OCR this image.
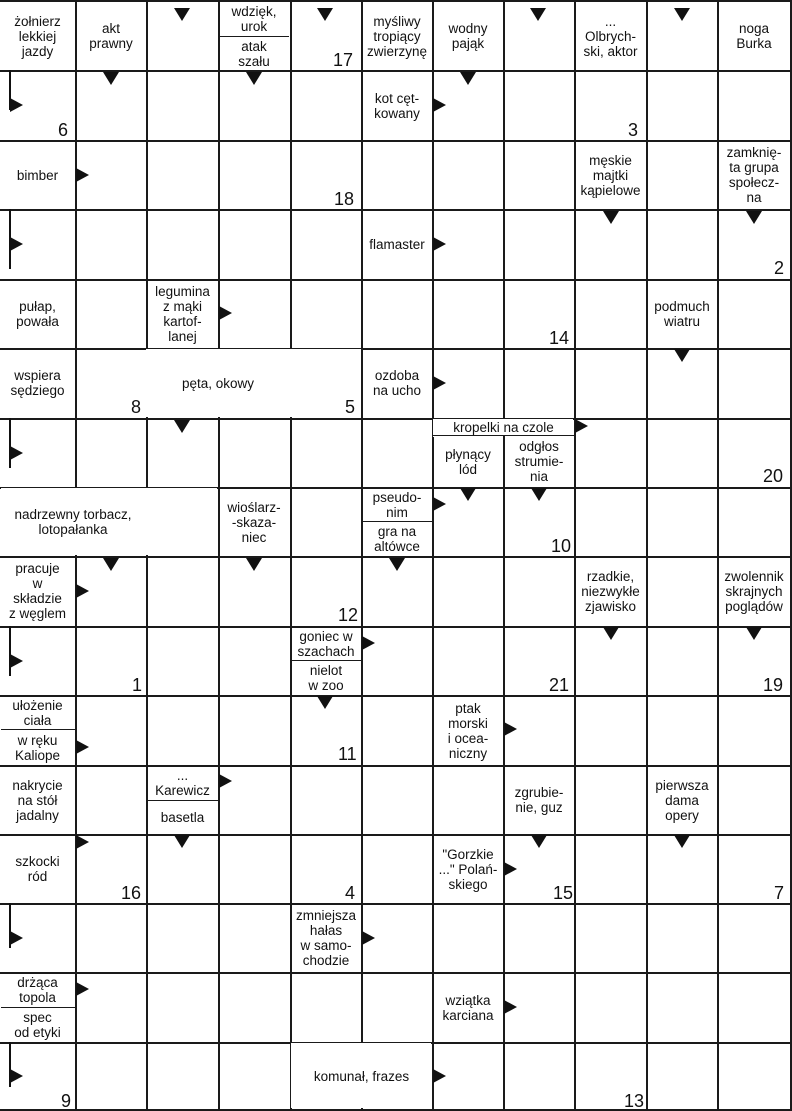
żołnierz
lekkiej
jazdy
akt
prawny
wdzięk,
urok
atak
szału
myśliwy
tropiący
zwierzynę
wodny
pająk
...
Olbrych-
ski, aktor
noga
Burka
kot cęt-
kowany
bimber
męskie
majtki
kąpielowe
zamknię-
ta grupa
społecz-
na
flamaster
pułap,
powała
legumina
z mąki
kartof-
lanej
podmuch
wiatru
wspiera
sędziego	pęta, okowy	ozdoba
na ucho
kropelki na czole
płynący
lód
odgłos
strumie-
nia
nadrzewny torbacz,
lotopałanka
wioślarz-
-skaza-
niec
pseudo-
nim
gra na
altówce
pracuje
w
składzie
z węglem
rzadkie,
niezwykłe
zjawisko
zwolennik
skrajnych
poglądów
goniec w
szachach
nielot
w zoo
ułożenie
ciała
w ręku
Kaliope
ptak
morski
i ocea-
niczny
nakrycie
na stół
jadalny
...
Karewicz
basetla
zgrubie-
nie, guz
pierwsza
dama
opery
szkocki
ród
"Gorzkie
..." Polań-
skiego
zmniejsza
hałas
w samo-
chodzie
drżąca
topola
spec
od etyki
wziątka
karciana
komunał, frazes
17
6	3
18
2
14
8	5
20
10
12
1	21	19
11
16	4	15	7
9	13
